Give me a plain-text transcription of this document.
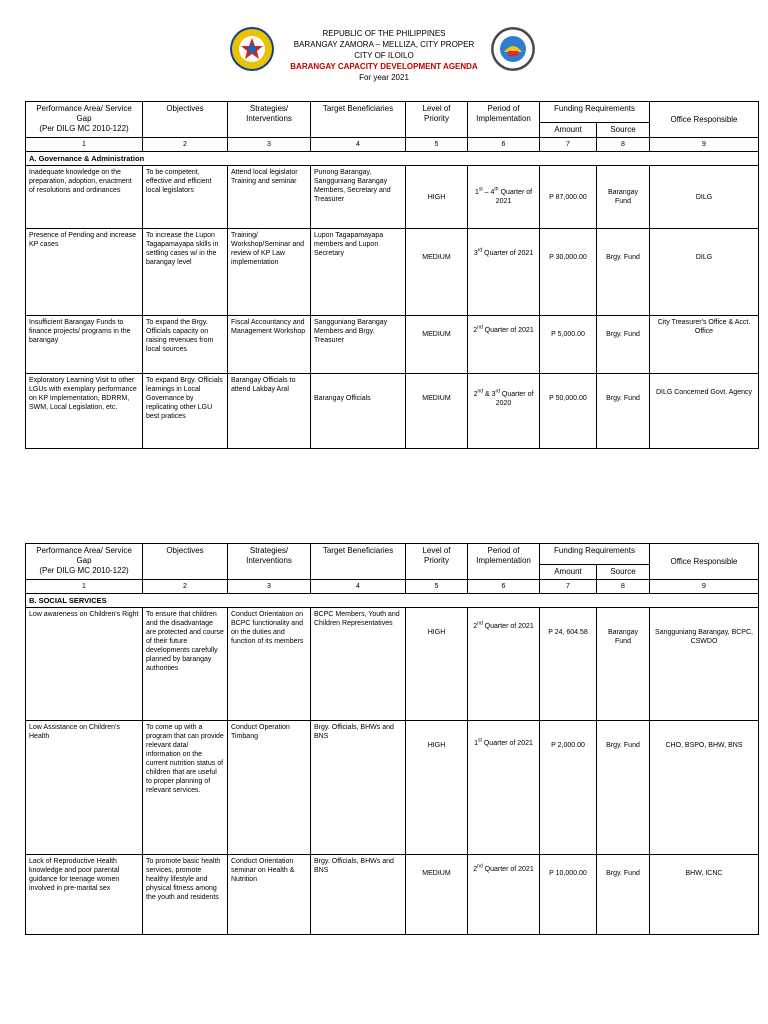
REPUBLIC OF THE PHILIPPINES
BARANGAY ZAMORA – MELLIZA, CITY PROPER
CITY OF ILOILO
BARANGAY CAPACITY DEVELOPMENT AGENDA
For year 2021
Performance Area/ Service Gap
(Per DILG MC 2010-122)	Objectives	Strategies/ Interventions	Target Beneficiaries	Level of Priority	Period of Implementation	Funding Requirements		Office Responsible
						Amount	Source	
1	2	3	4	5	6	7	8	9
A. Governance & Administration								
Inadequate knowledge on the preparation, adoption, enactment of resolutions and ordinances	To be competent, effective and efficient local legislators	Attend local legislator Training and seminar	Punong Barangay, Sangguniang Barangay Members, Secretary and Treasurer	HIGH	1st – 4th Quarter of 2021	P 87,000.00	Barangay Fund	DILG
Presence of Pending and increase KP cases	To increase the Lupon Tagapamayapa skills in settling cases w/ in the barangay level	Training/ Workshop/Seminar and review of KP Law implementation	Lupon Tagapamayapa members and Lupon Secretary	MEDIUM	3rd Quarter of 2021	P 30,000.00	Brgy. Fund	DILG
Insufficient Barangay Funds to finance projects/ programs in the barangay	To expand the Brgy. Officials capacity on raising revenues from local sources	Fiscal Accountancy and Management Workshop	Sangguniang Barangay Members and Brgy. Treasurer	MEDIUM	2nd Quarter of 2021	P 5,000.00	Brgy. Fund	City Treasurer's Office & Acct. Office
Exploratory Learning Visit to other LGUs with exemplary performance on KP Implementation, BDRRM, SWM, Local Legislation, etc.	To expand Brgy. Officials learnings in Local Governance by replicating other LGU best pratices	Barangay Officials to attend Lakbay Aral	Barangay Officials	MEDIUM	2nd & 3rd Quarter of 2020	P 50,000.00	Brgy. Fund	DILG Concerned Govt. Agency
Performance Area/ Service Gap
(Per DILG MC 2010-122)	Objectives	Strategies/ Interventions	Target Beneficiaries	Level of Priority	Period of Implementation	Funding Requirements		Office Responsible
						Amount	Source	
1	2	3	4	5	6	7	8	9
B. SOCIAL SERVICES								
Low awareness on Children's Right	To ensure that children and the disadvantage are protected and course of their future developments carefully planned by barangay authorities	Conduct Orientation on BCPC functionality and on the duties and function of its members	BCPC Members, Youth and Children Representatives	HIGH	2nd Quarter of 2021	P 24, 604.58	Barangay Fund	Sangguniang Barangay, BCPC, CSWDO
Low Assistance on Children's Health	To come up with a program that can provide relevant data/ information on the current nutrition status of children that are useful to proper planning of relevant services.	Conduct Operation Timbang	Brgy. Officials, BHWs and BNS	HIGH	1st Quarter of 2021	P 2,000.00	Brgy. Fund	CHO, BSPO, BHW, BNS
Lack of Reproductive Health knowledge and poor parental guidance for teenage women involved in pre-marital sex	To promote basic health services, promote healthy lifestyle and physical fitness among the youth and residents	Conduct Orientation seminar on Health & Nutrition	Brgy. Officials, BHWs and BNS	MEDIUM	2nd Quarter of 2021	P 10,000.00	Brgy. Fund	BHW, ICNC
